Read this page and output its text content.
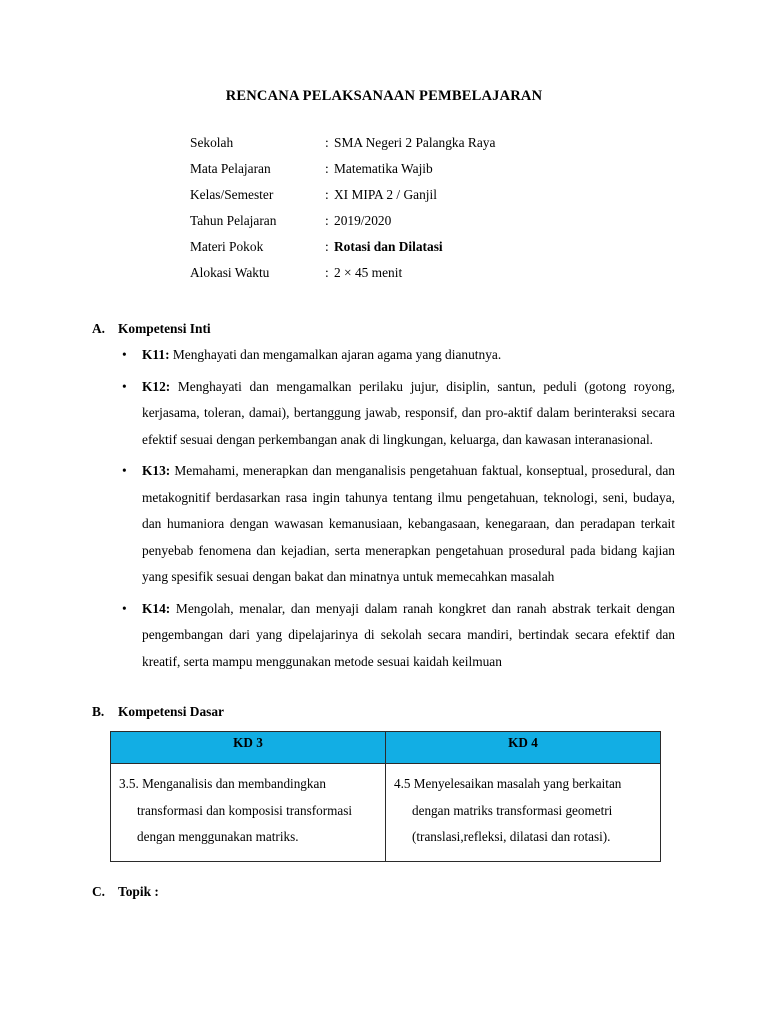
RENCANA PELAKSANAAN PEMBELAJARAN
Sekolah	: SMA Negeri 2 Palangka Raya
Mata Pelajaran	: Matematika Wajib
Kelas/Semester	: XI MIPA 2 / Ganjil
Tahun Pelajaran	: 2019/2020
Materi Pokok	: Rotasi dan Dilatasi
Alokasi Waktu	: 2 × 45 menit
A. Kompetensi Inti
• K11: Menghayati dan mengamalkan ajaran agama yang dianutnya.
• K12: Menghayati dan mengamalkan perilaku jujur, disiplin, santun, peduli (gotong royong, kerjasama, toleran, damai), bertanggung jawab, responsif, dan pro-aktif dalam berinteraksi secara efektif sesuai dengan perkembangan anak di lingkungan, keluarga, dan kawasan interanasional.
• K13: Memahami, menerapkan dan menganalisis pengetahuan faktual, konseptual, prosedural, dan metakognitif berdasarkan rasa ingin tahunya tentang ilmu pengetahuan, teknologi, seni, budaya, dan humaniora dengan wawasan kemanusiaan, kebangasaan, kenegaraan, dan peradapan terkait penyebab fenomena dan kejadian, serta menerapkan pengetahuan prosedural pada bidang kajian yang spesifik sesuai dengan bakat dan minatnya untuk memecahkan masalah
• K14: Mengolah, menalar, dan menyaji dalam ranah kongkret dan ranah abstrak terkait dengan pengembangan dari yang dipelajarinya di sekolah secara mandiri, bertindak secara efektif dan kreatif, serta mampu menggunakan metode sesuai kaidah keilmuan
B.	Kompetensi Dasar
KD 3	KD 4
3.5. Menganalisis dan membandingkan transformasi dan komposisi transformasi dengan menggunakan matriks.	4.5 Menyelesaikan masalah yang berkaitan dengan matriks transformasi geometri (translasi,refleksi, dilatasi dan rotasi).
C. Topik :
